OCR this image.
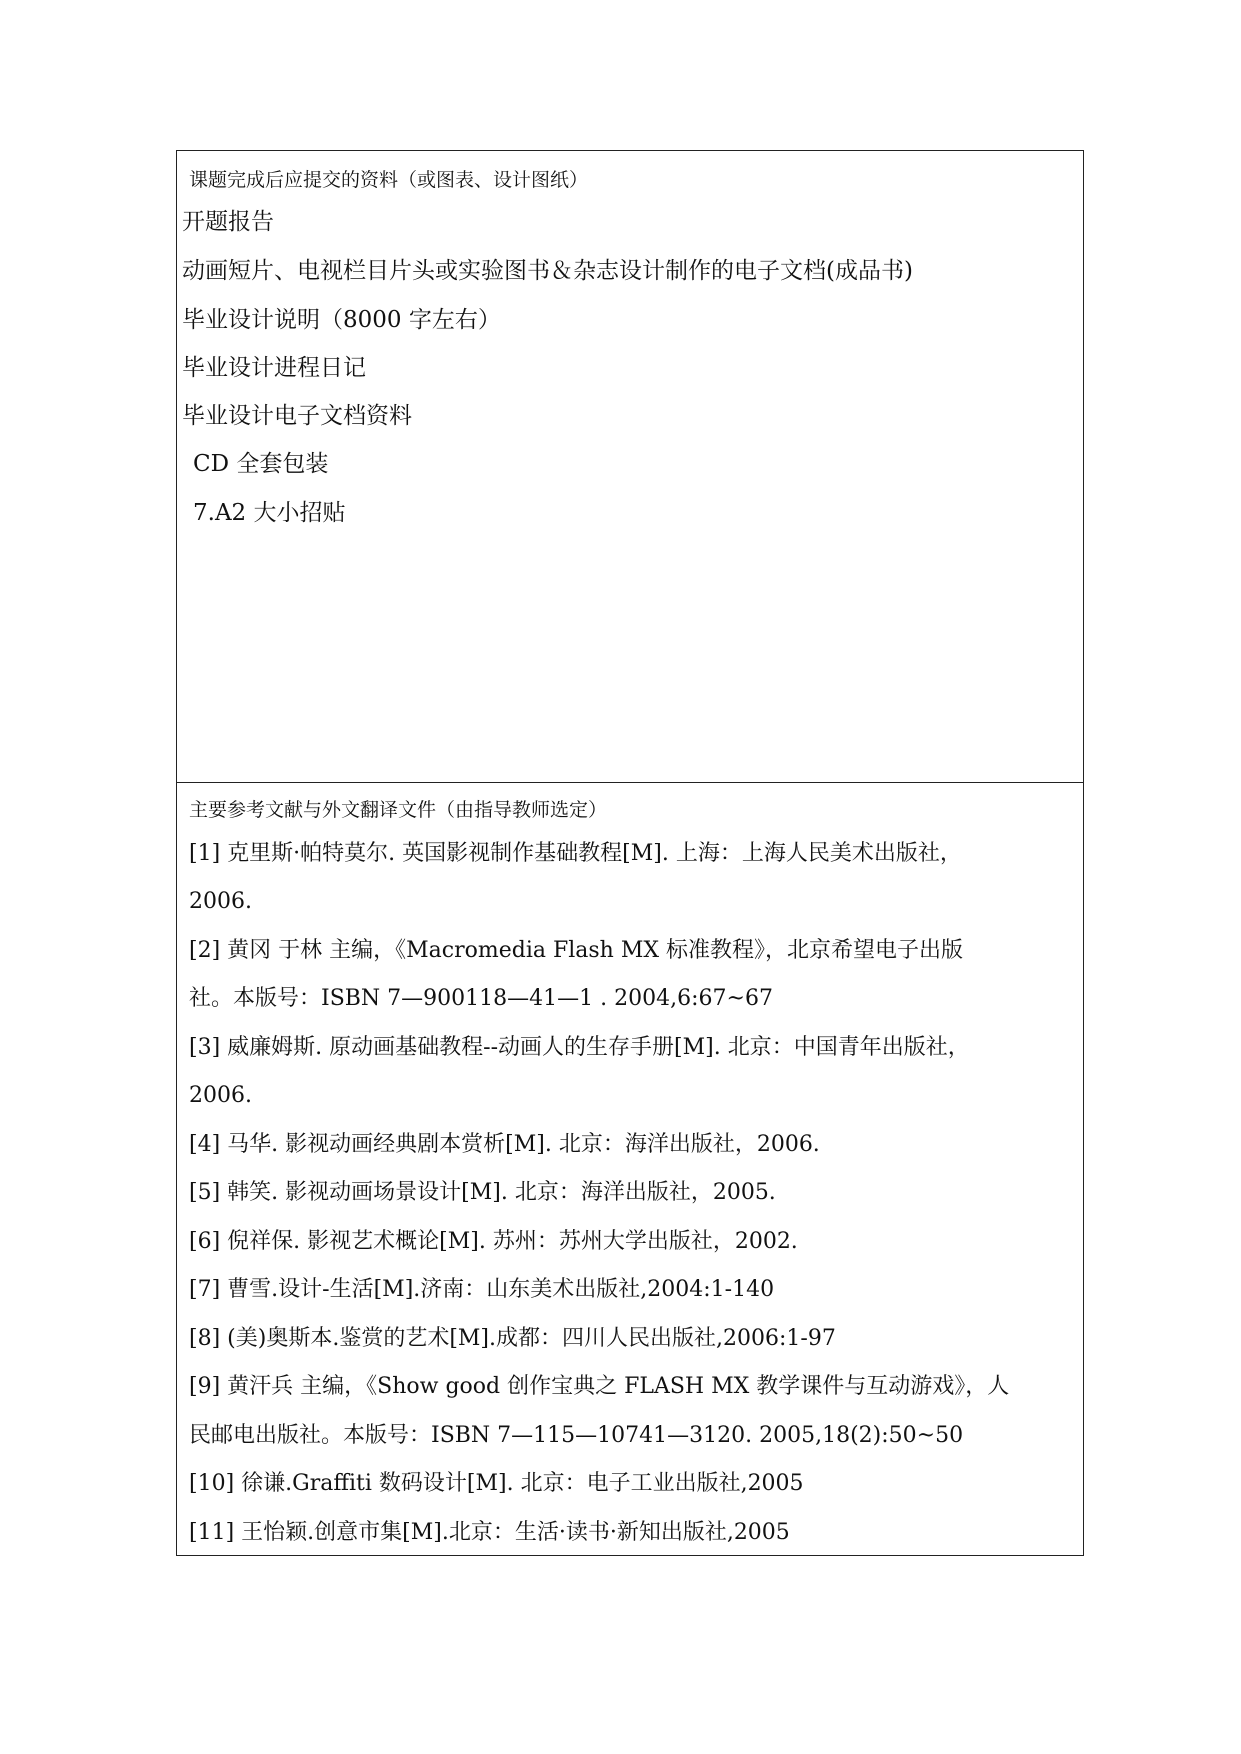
课题完成后应提交的资料（或图表、设计图纸）
开题报告
动画短片、电视栏目片头或实验图书＆杂志设计制作的电子文档(成品书)
毕业设计说明（8000 字左右）
毕业设计进程日记
毕业设计电子文档资料
CD 全套包装
7.A2 大小招贴
主要参考文献与外文翻译文件（由指导教师选定）
[1] 克里斯·帕特莫尔. 英国影视制作基础教程[M]. 上海：上海人民美术出版社，
2006.
[2] 黄冈 于林 主编，《Macromedia Flash MX 标准教程》，北京希望电子出版
社。本版号：ISBN 7—900118—41—1 . 2004,6:67~67
[3] 威廉姆斯. 原动画基础教程--动画人的生存手册[M]. 北京：中国青年出版社，
2006.
[4] 马华. 影视动画经典剧本赏析[M]. 北京：海洋出版社，2006.
[5] 韩笑. 影视动画场景设计[M]. 北京：海洋出版社，2005.
[6] 倪祥保. 影视艺术概论[M]. 苏州：苏州大学出版社，2002.
[7] 曹雪.设计-生活[M].济南：山东美术出版社,2004:1-140
[8] (美)奥斯本.鉴赏的艺术[M].成都：四川人民出版社,2006:1-97
[9] 黄汗兵 主编，《Show good 创作宝典之 FLASH MX 教学课件与互动游戏》，人
民邮电出版社。本版号：ISBN 7—115—10741—3120. 2005,18(2):50~50
[10] 徐谦.Graffiti 数码设计[M]. 北京：电子工业出版社,2005
[11] 王怡颖.创意市集[M].北京：生活·读书·新知出版社,2005
